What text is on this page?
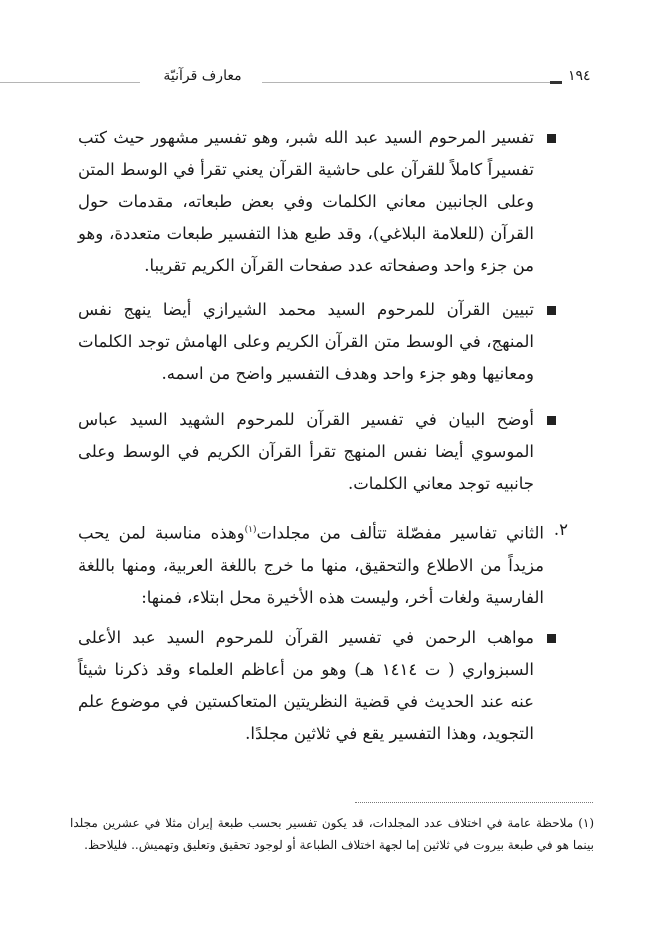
معارف قرآنيّة	١٩٤
تفسير المرحوم السيد عبد الله شبر، وهو تفسير مشهور حيث كتب تفسيراً كاملاً للقرآن على حاشية القرآن يعني تقرأ في الوسط المتن وعلى الجانبين معاني الكلمات وفي بعض طبعاته، مقدمات حول القرآن (للعلامة البلاغي)، وقد طبع هذا التفسير طبعات متعددة، وهو من جزء واحد وصفحاته عدد صفحات القرآن الكريم تقريبا.
تبيين القرآن للمرحوم السيد محمد الشيرازي أيضا ينهج نفس المنهج، في الوسط متن القرآن الكريم وعلى الهامش توجد الكلمات ومعانيها وهو جزء واحد وهدف التفسير واضح من اسمه.
أوضح البيان في تفسير القرآن للمرحوم الشهيد السيد عباس الموسوي أيضا نفس المنهج تقرأ القرآن الكريم في الوسط وعلى جانبيه توجد معاني الكلمات.
٢.
الثاني تفاسير مفصّلة تتألف من مجلدات$^{(١)}$وهذه مناسبة لمن يحب مزيداً من الاطلاع والتحقيق، منها ما خرج باللغة العربية، ومنها باللغة الفارسية ولغات أخر، وليست هذه الأخيرة محل ابتلاء، فمنها:
مواهب الرحمن في تفسير القرآن للمرحوم السيد عبد الأعلى السبزواري ( ت ١٤١٤ هـ) وهو من أعاظم العلماء وقد ذكرنا شيئاً عنه عند الحديث في قضية النظريتين المتعاكستين في موضوع علم التجويد، وهذا التفسير يقع في ثلاثين مجلدًا.
(١) ملاحظة عامة في اختلاف عدد المجلدات، قد يكون تفسير بحسب طبعة إيران مثلا في عشرين مجلدا بينما هو في طبعة بيروت في ثلاثين إما لجهة اختلاف الطباعة أو لوجود تحقيق وتعليق وتهميش.. فليلاحظ.
